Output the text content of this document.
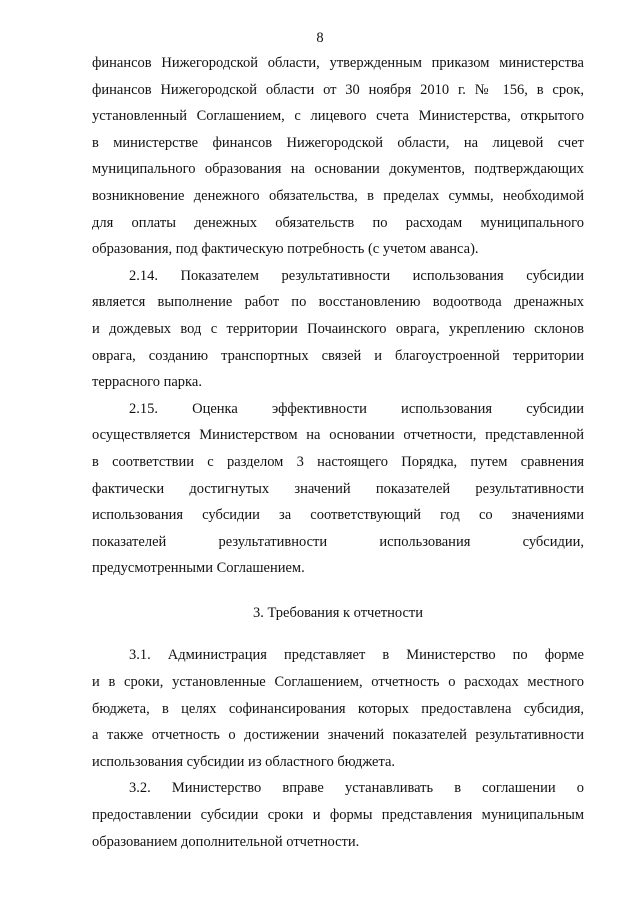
8
финансов Нижегородской области, утвержденным приказом министерства
финансов Нижегородской области от 30 ноября 2010 г. № 156, в срок,
установленный Соглашением, с лицевого счета Министерства, открытого
в министерстве финансов Нижегородской области, на лицевой счет
муниципального образования на основании документов, подтверждающих
возникновение денежного обязательства, в пределах суммы, необходимой
для оплаты денежных обязательств по расходам муниципального
образования, под фактическую потребность (с учетом аванса).
2.14. Показателем результативности использования субсидии
является выполнение работ по восстановлению водоотвода дренажных
и дождевых вод с территории Почаинского оврага, укреплению склонов
оврага, созданию транспортных связей и благоустроенной территории
террасного парка.
2.15. Оценка эффективности использования субсидии
осуществляется Министерством на основании отчетности, представленной
в соответствии с разделом 3 настоящего Порядка, путем сравнения
фактически достигнутых значений показателей результативности
использования субсидии за соответствующий год со значениями
показателей результативности использования субсидии,
предусмотренными Соглашением.

3. Требования к отчетности

3.1. Администрация представляет в Министерство по форме
и в сроки, установленные Соглашением, отчетность о расходах местного
бюджета, в целях софинансирования которых предоставлена субсидия,
а также отчетность о достижении значений показателей результативности
использования субсидии из областного бюджета.
3.2. Министерство вправе устанавливать в соглашении о
предоставлении субсидии сроки и формы представления муниципальным
образованием дополнительной отчетности.
